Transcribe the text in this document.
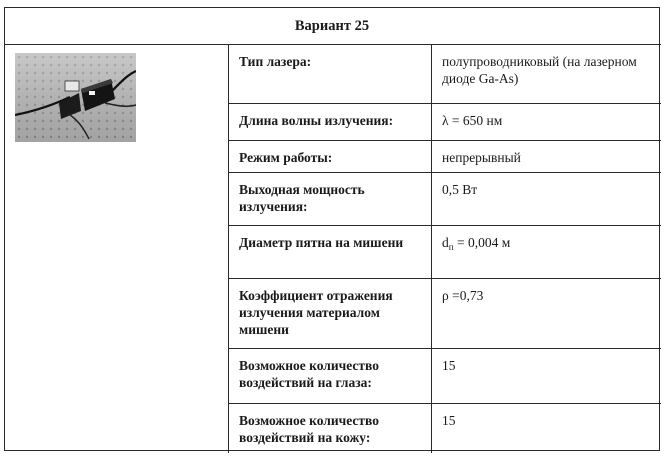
Вариант 25
Тип лазера:	полупроводниковый (на лазерном диоде Ga-As)
Длина волны излучения:	λ = 650 нм
Режим работы:	непрерывный
Выходная мощность излучения:	0,5 Вт
Диаметр пятна на мишени	$d_п = 0,004$ м
Коэффициент отражения излучения материалом мишени	ρ =0,73
Возможное количество воздействий на глаза:	15
Возможное количество воздействий на кожу:	15
